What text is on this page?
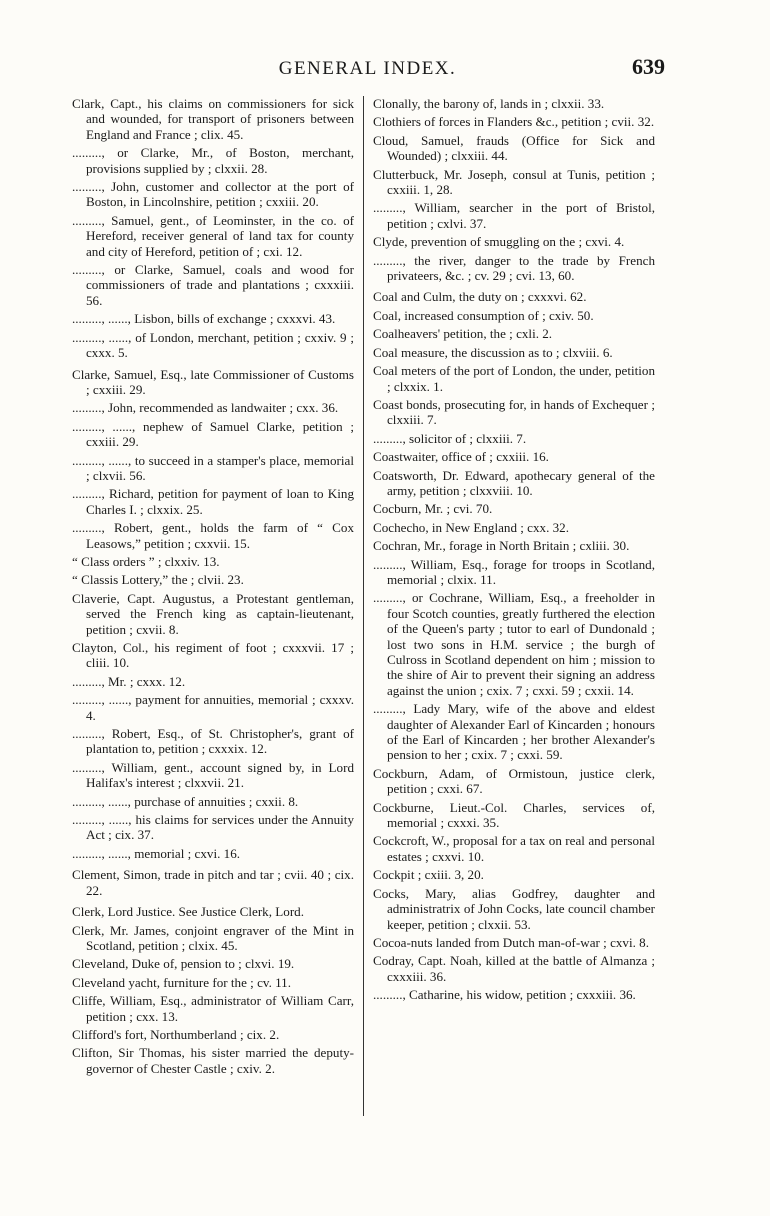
GENERAL INDEX.	639

Clark, Capt., his claims on commissioners for sick and wounded, for transport of prisoners between England and France ; clix. 45.

........., or Clarke, Mr., of Boston, merchant, provisions supplied by ; clxxii. 28.

........., John, customer and collector at the port of Boston, in Lincolnshire, petition ; cxxiii. 20.

........., Samuel, gent., of Leominster, in the co. of Hereford, receiver general of land tax for county and city of Hereford, petition of ; cxi. 12.

........., or Clarke, Samuel, coals and wood for commissioners of trade and plantations ; cxxxiii. 56.

........., ......, Lisbon, bills of exchange ; cxxxvi. 43.

........., ......, of London, merchant, petition ; cxxiv. 9 ; cxxx. 5.

Clarke, Samuel, Esq., late Commissioner of Customs ; cxxiii. 29.

........., John, recommended as landwaiter ; cxx. 36.

........., ......, nephew of Samuel Clarke, petition ; cxxiii. 29.

........., ......, to succeed in a stamper's place, memorial ; clxvii. 56.

........., Richard, petition for payment of loan to King Charles I. ; clxxix. 25.

........., Robert, gent., holds the farm of “ Cox Leasows,” petition ; cxxvii. 15.

“ Class orders ” ; clxxiv. 13.

“ Classis Lottery,” the ; clvii. 23.

Claverie, Capt. Augustus, a Protestant gentleman, served the French king as captain-lieutenant, petition ; cxvii. 8.

Clayton, Col., his regiment of foot ; cxxxvii. 17 ; cliii. 10.

........., Mr. ; cxxx. 12.

........., ......, payment for annuities, memorial ; cxxxv. 4.

........., Robert, Esq., of St. Christopher's, grant of plantation to, petition ; cxxxix. 12.

........., William, gent., account signed by, in Lord Halifax's interest ; clxxvii. 21.

........., ......, purchase of annuities ; cxxii. 8.

........., ......, his claims for services under the Annuity Act ; cix. 37.

........., ......, memorial ; cxvi. 16.

Clement, Simon, trade in pitch and tar ; cvii. 40 ; cix. 22.

Clerk, Lord Justice. See Justice Clerk, Lord.

Clerk, Mr. James, conjoint engraver of the Mint in Scotland, petition ; clxix. 45.

Cleveland, Duke of, pension to ; clxvi. 19.

Cleveland yacht, furniture for the ; cv. 11.

Cliffe, William, Esq., administrator of William Carr, petition ; cxx. 13.

Clifford's fort, Northumberland ; cix. 2.

Clifton, Sir Thomas, his sister married the deputy-governor of Chester Castle ; cxiv. 2.

Clonally, the barony of, lands in ; clxxii. 33.

Clothiers of forces in Flanders &c., petition ; cvii. 32.

Cloud, Samuel, frauds (Office for Sick and Wounded) ; clxxiii. 44.

Clutterbuck, Mr. Joseph, consul at Tunis, petition ; cxxiii. 1, 28.

........., William, searcher in the port of Bristol, petition ; cxlvi. 37.

Clyde, prevention of smuggling on the ; cxvi. 4.

........., the river, danger to the trade by French privateers, &c. ; cv. 29 ; cvi. 13, 60.

Coal and Culm, the duty on ; cxxxvi. 62.

Coal, increased consumption of ; cxiv. 50.

Coalheavers' petition, the ; cxli. 2.

Coal measure, the discussion as to ; clxviii. 6.

Coal meters of the port of London, the under, petition ; clxxix. 1.

Coast bonds, prosecuting for, in hands of Exchequer ; clxxiii. 7.

........., solicitor of ; clxxiii. 7.

Coastwaiter, office of ; cxxiii. 16.

Coatsworth, Dr. Edward, apothecary general of the army, petition ; clxxviii. 10.

Cocburn, Mr. ; cvi. 70.

Cochecho, in New England ; cxx. 32.

Cochran, Mr., forage in North Britain ; cxliii. 30.

........., William, Esq., forage for troops in Scotland, memorial ; clxix. 11.

........., or Cochrane, William, Esq., a freeholder in four Scotch counties, greatly furthered the election of the Queen's party ; tutor to earl of Dundonald ; lost two sons in H.M. service ; the burgh of Culross in Scotland dependent on him ; mission to the shire of Air to prevent their signing an address against the union ; cxix. 7 ; cxxi. 59 ; cxxii. 14.

........., Lady Mary, wife of the above and eldest daughter of Alexander Earl of Kincarden ; honours of the Earl of Kincarden ; her brother Alexander's pension to her ; cxix. 7 ; cxxi. 59.

Cockburn, Adam, of Ormistoun, justice clerk, petition ; cxxi. 67.

Cockburne, Lieut.-Col. Charles, services of, memorial ; cxxxi. 35.

Cockcroft, W., proposal for a tax on real and personal estates ; cxxvi. 10.

Cockpit ; cxiii. 3, 20.

Cocks, Mary, alias Godfrey, daughter and administratrix of John Cocks, late council chamber keeper, petition ; clxxii. 53.

Cocoa-nuts landed from Dutch man-of-war ; cxvi. 8.

Codray, Capt. Noah, killed at the battle of Almanza ; cxxxiii. 36.

........., Catharine, his widow, petition ; cxxxiii. 36.
